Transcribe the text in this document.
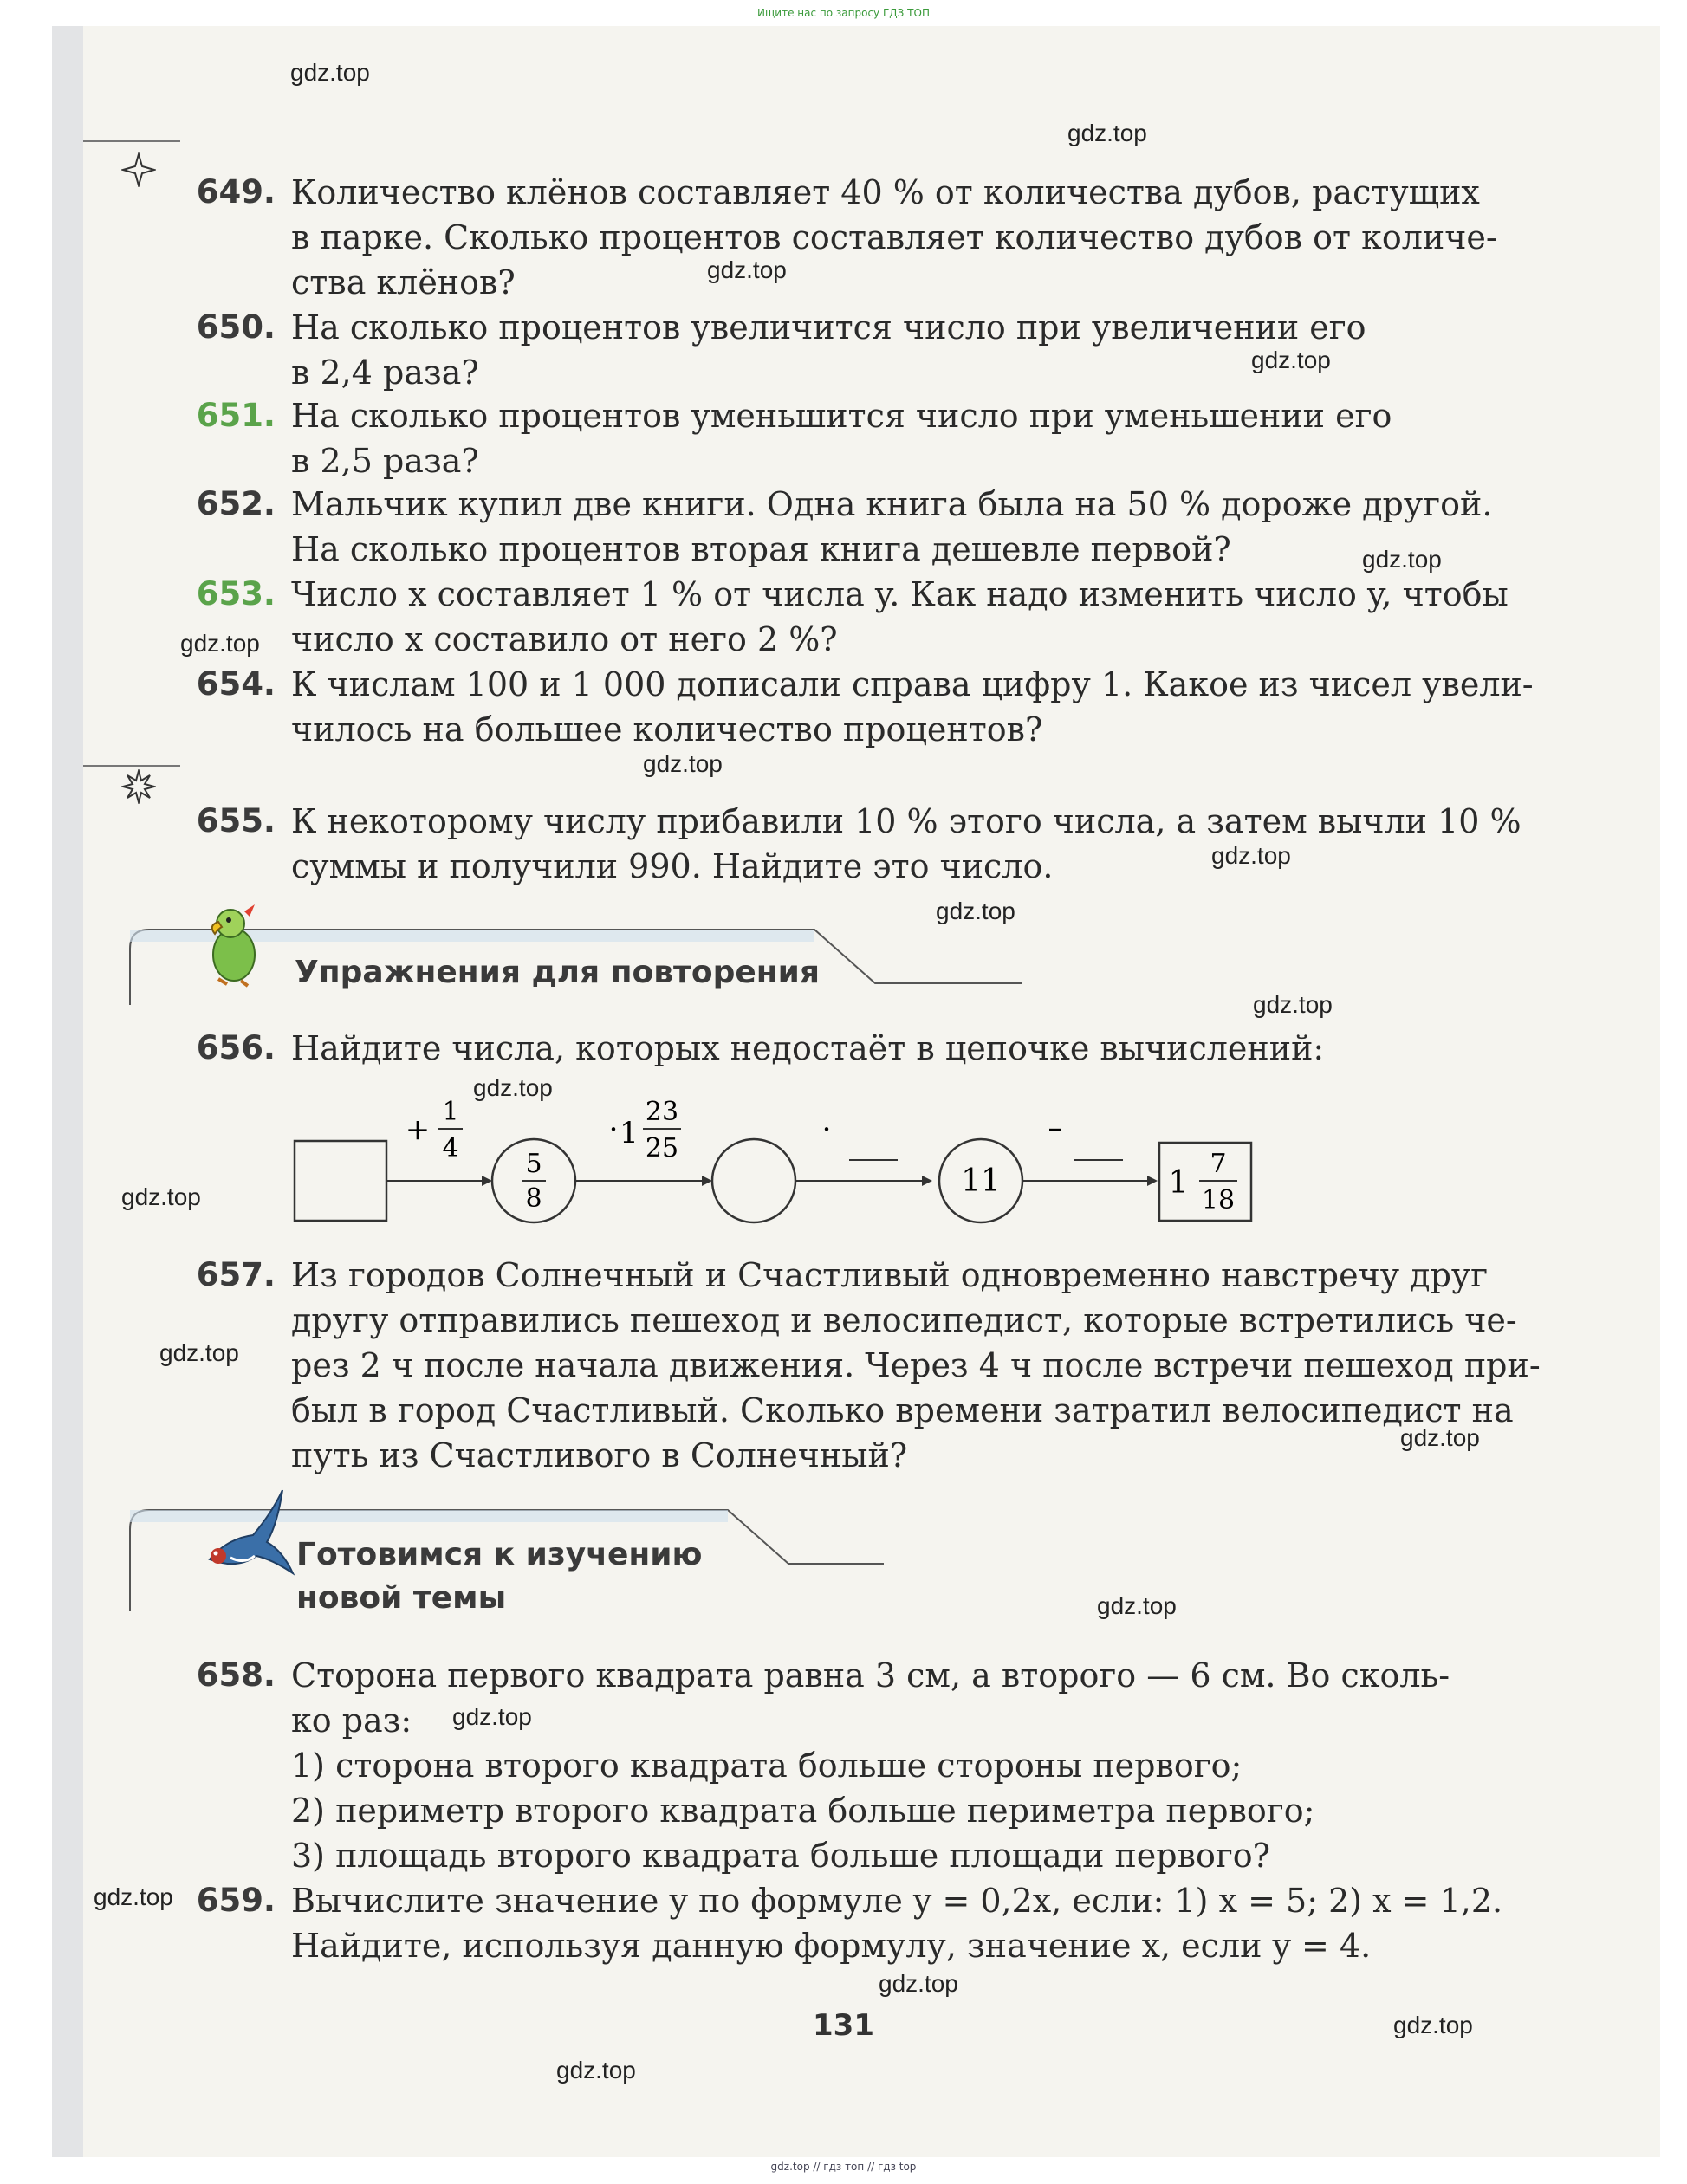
Ищите нас по запросу ГДЗ ТОП
649. Количество клёнов составляет 40 % от количества дубов, растущих
в парке. Сколько процентов составляет количество дубов от количе-
ства клёнов?
650. На сколько процентов увеличится число при увеличении его
в 2,4 раза?
651. На сколько процентов уменьшится число при уменьшении его
в 2,5 раза?
652. Мальчик купил две книги. Одна книга была на 50 % дороже другой.
На сколько процентов вторая книга дешевле первой?
653. Число x составляет 1 % от числа y. Как надо изменить число y, чтобы
число x составило от него 2 %?
654. К числам 100 и 1 000 дописали справа цифру 1. Какое из чисел увели-
чилось на большее количество процентов?
655. К некоторому числу прибавили 10 % этого числа, а затем вычли 10 %
суммы и получили 990. Найдите это число.
Упражнения для повторения
656. Найдите числа, которых недостаёт в цепочке вычислений:
+
1
4
5
8
· 1
23
25
·
11
–
1
7
18
657. Из городов Солнечный и Счастливый одновременно навстречу друг
другу отправились пешеход и велосипедист, которые встретились че-
рез 2 ч после начала движения. Через 4 ч после встречи пешеход при-
был в город Счастливый. Сколько времени затратил велосипедист на
путь из Счастливого в Солнечный?
Готовимся к изучению
новой темы
658. Сторона первого квадрата равна 3 см, а второго — 6 см. Во сколь-
ко раз:
1) сторона второго квадрата больше стороны первого;
2) периметр второго квадрата больше периметра первого;
3) площадь второго квадрата больше площади первого?
659. Вычислите значение y по формуле y = 0,2x, если: 1) x = 5; 2) x = 1,2.
Найдите, используя данную формулу, значение x, если y = 4.
131
gdz.top
gdz.top
gdz.top
gdz.top
gdz.top
gdz.top
gdz.top
gdz.top
gdz.top
gdz.top
gdz.top
gdz.top
gdz.top
gdz.top
gdz.top
gdz.top
gdz.top
gdz.top
gdz.top
gdz.top
gdz.top // гдз топ // гдз top
